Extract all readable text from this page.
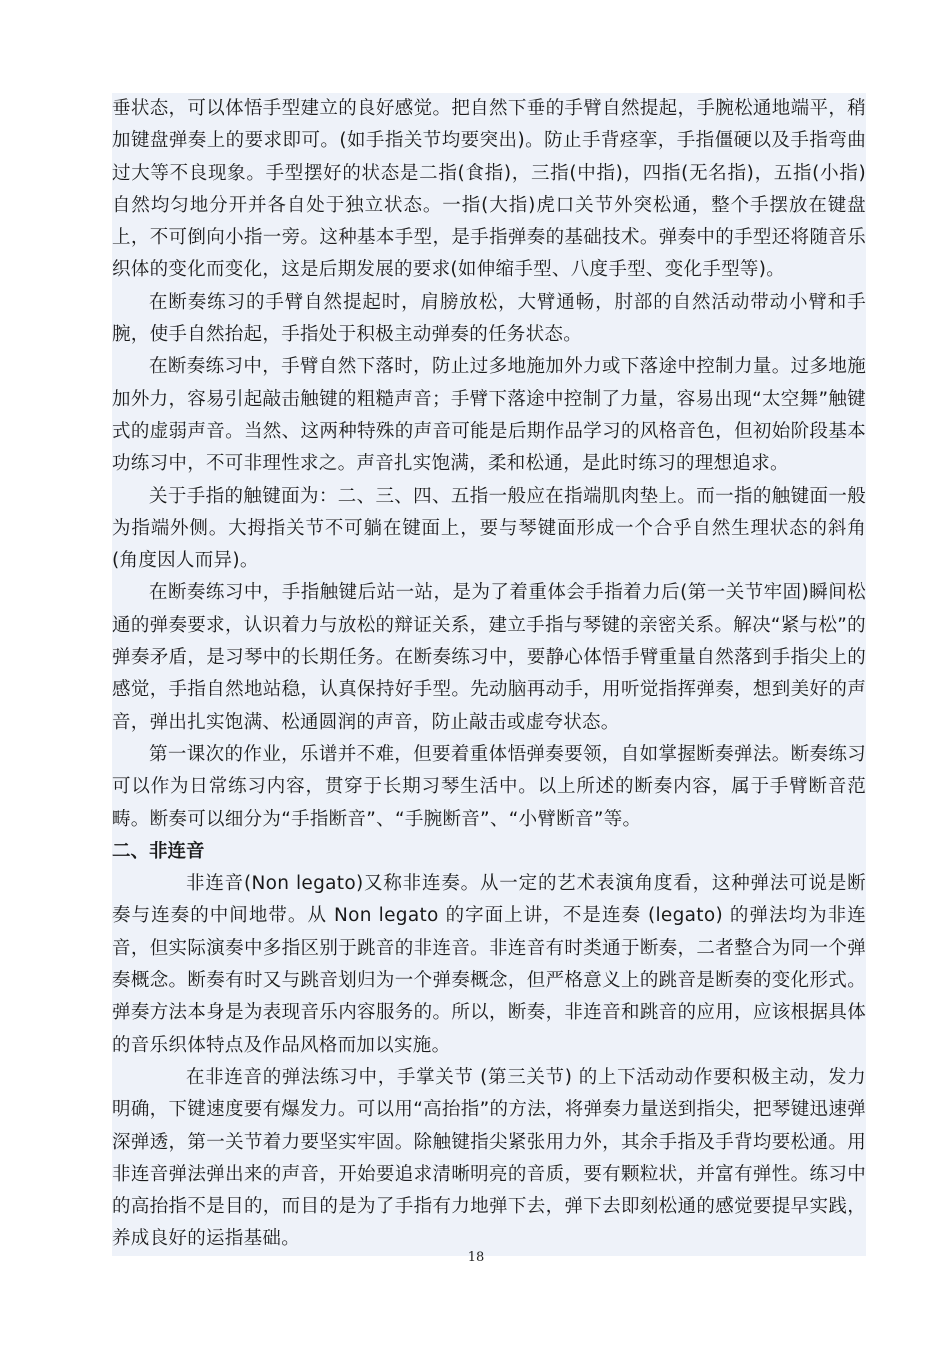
垂状态，可以体悟手型建立的良好感觉。把自然下垂的手臂自然提起，手腕松通地端平，稍加键盘弹奏上的要求即可。(如手指关节均要突出)。防止手背痉挛，手指僵硬以及手指弯曲过大等不良现象。手型摆好的状态是二指(食指)，三指(中指)，四指(无名指)，五指(小指)自然均匀地分开并各自处于独立状态。一指(大指)虎口关节外突松通，整个手摆放在键盘上，不可倒向小指一旁。这种基本手型，是手指弹奏的基础技术。弹奏中的手型还将随音乐织体的变化而变化，这是后期发展的要求(如伸缩手型、八度手型、变化手型等)。

在断奏练习的手臂自然提起时，肩膀放松，大臂通畅，肘部的自然活动带动小臂和手腕，使手自然抬起，手指处于积极主动弹奏的任务状态。

在断奏练习中，手臂自然下落时，防止过多地施加外力或下落途中控制力量。过多地施加外力，容易引起敲击触键的粗糙声音；手臂下落途中控制了力量，容易出现“太空舞”触键式的虚弱声音。当然、这两种特殊的声音可能是后期作品学习的风格音色，但初始阶段基本功练习中，不可非理性求之。声音扎实饱满，柔和松通，是此时练习的理想追求。

关于手指的触键面为：二、三、四、五指一般应在指端肌肉垫上。而一指的触键面一般为指端外侧。大拇指关节不可躺在键面上，要与琴键面形成一个合乎自然生理状态的斜角(角度因人而异)。

在断奏练习中，手指触键后站一站，是为了着重体会手指着力后(第一关节牢固)瞬间松通的弹奏要求，认识着力与放松的辩证关系，建立手指与琴键的亲密关系。解决“紧与松”的弹奏矛盾，是习琴中的长期任务。在断奏练习中，要静心体悟手臂重量自然落到手指尖上的感觉，手指自然地站稳，认真保持好手型。先动脑再动手，用听觉指挥弹奏，想到美好的声音，弹出扎实饱满、松通圆润的声音，防止敲击或虚夸状态。

第一课次的作业，乐谱并不难，但要着重体悟弹奏要领，自如掌握断奏弹法。断奏练习可以作为日常练习内容，贯穿于长期习琴生活中。以上所述的断奏内容，属于手臂断音范畴。断奏可以细分为“手指断音”、“手腕断音”、“小臂断音”等。

二、非连音

非连音(Non legato)又称非连奏。从一定的艺术表演角度看，这种弹法可说是断奏与连奏的中间地带。从 Non legato 的字面上讲，不是连奏 (legato) 的弹法均为非连音，但实际演奏中多指区别于跳音的非连音。非连音有时类通于断奏，二者整合为同一个弹奏概念。断奏有时又与跳音划归为一个弹奏概念，但严格意义上的跳音是断奏的变化形式。弹奏方法本身是为表现音乐内容服务的。所以，断奏，非连音和跳音的应用，应该根据具体的音乐织体特点及作品风格而加以实施。

在非连音的弹法练习中，手掌关节 (第三关节) 的上下活动动作要积极主动，发力明确，下键速度要有爆发力。可以用“高抬指”的方法，将弹奏力量送到指尖，把琴键迅速弹深弹透，第一关节着力要坚实牢固。除触键指尖紧张用力外，其余手指及手背均要松通。用非连音弹法弹出来的声音，开始要追求清晰明亮的音质，要有颗粒状，并富有弹性。练习中的高抬指不是目的，而目的是为了手指有力地弹下去，弹下去即刻松通的感觉要提早实践，养成良好的运指基础。

18
